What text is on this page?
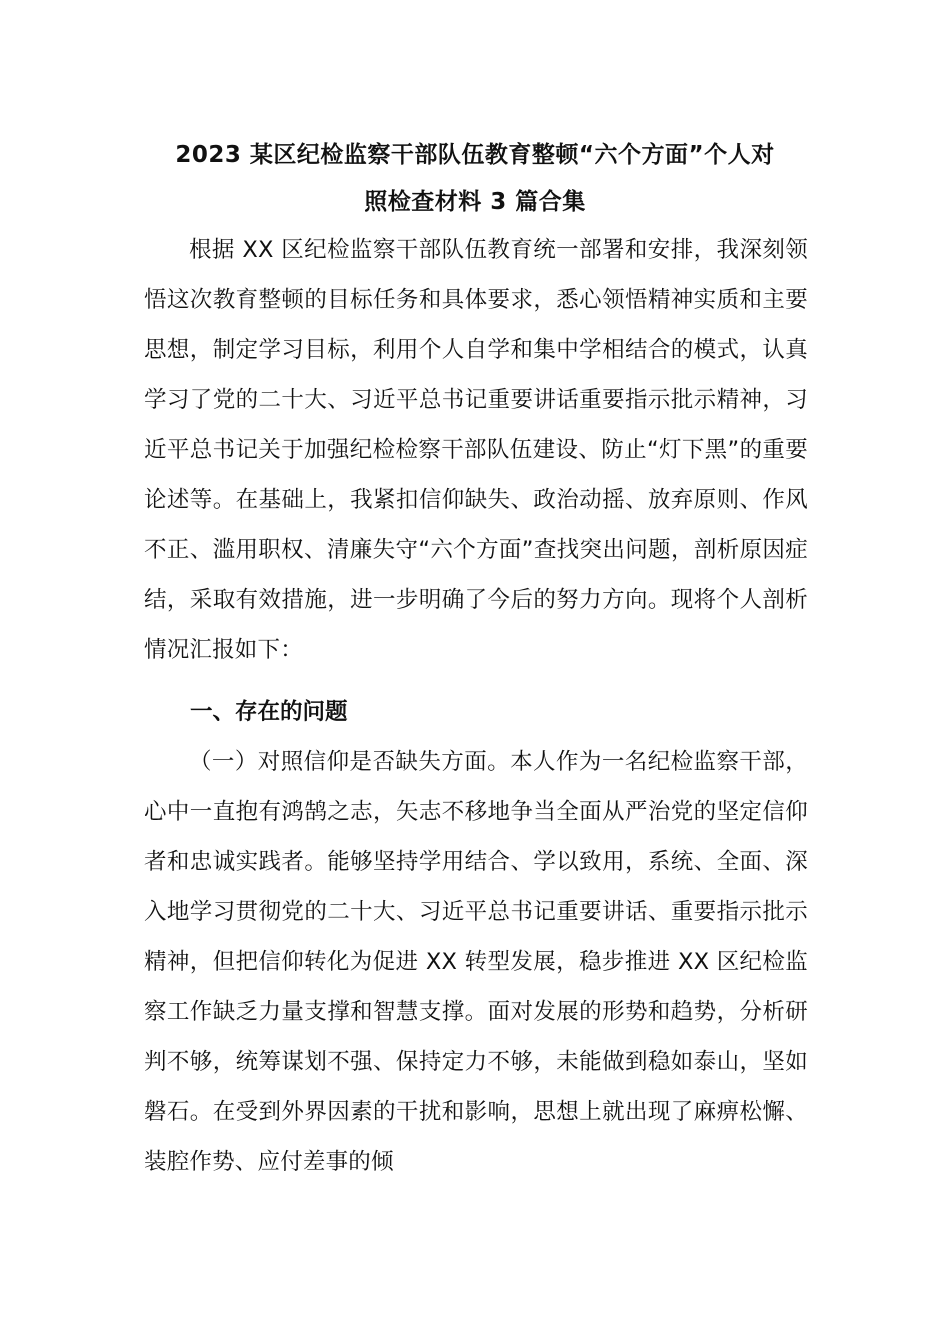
2023 某区纪检监察干部队伍教育整顿“六个方面”个人对
照检查材料 3 篇合集

根据 XX 区纪检监察干部队伍教育统一部署和安排，我深刻领悟这次教育整顿的目标任务和具体要求，悉心领悟精神实质和主要思想，制定学习目标，利用个人自学和集中学相结合的模式，认真学习了党的二十大、习近平总书记重要讲话重要指示批示精神，习近平总书记关于加强纪检检察干部队伍建设、防止“灯下黑”的重要论述等。在基础上，我紧扣信仰缺失、政治动摇、放弃原则、作风不正、滥用职权、清廉失守“六个方面”查找突出问题，剖析原因症结，采取有效措施，进一步明确了今后的努力方向。现将个人剖析情况汇报如下：

一、存在的问题

（一）对照信仰是否缺失方面。本人作为一名纪检监察干部，心中一直抱有鸿鹄之志，矢志不移地争当全面从严治党的坚定信仰者和忠诚实践者。能够坚持学用结合、学以致用，系统、全面、深入地学习贯彻党的二十大、习近平总书记重要讲话、重要指示批示精神，但把信仰转化为促进 XX 转型发展，稳步推进 XX 区纪检监察工作缺乏力量支撑和智慧支撑。面对发展的形势和趋势，分析研判不够，统筹谋划不强、保持定力不够，未能做到稳如泰山，坚如磐石。在受到外界因素的干扰和影响，思想上就出现了麻痹松懈、装腔作势、应付差事的倾
